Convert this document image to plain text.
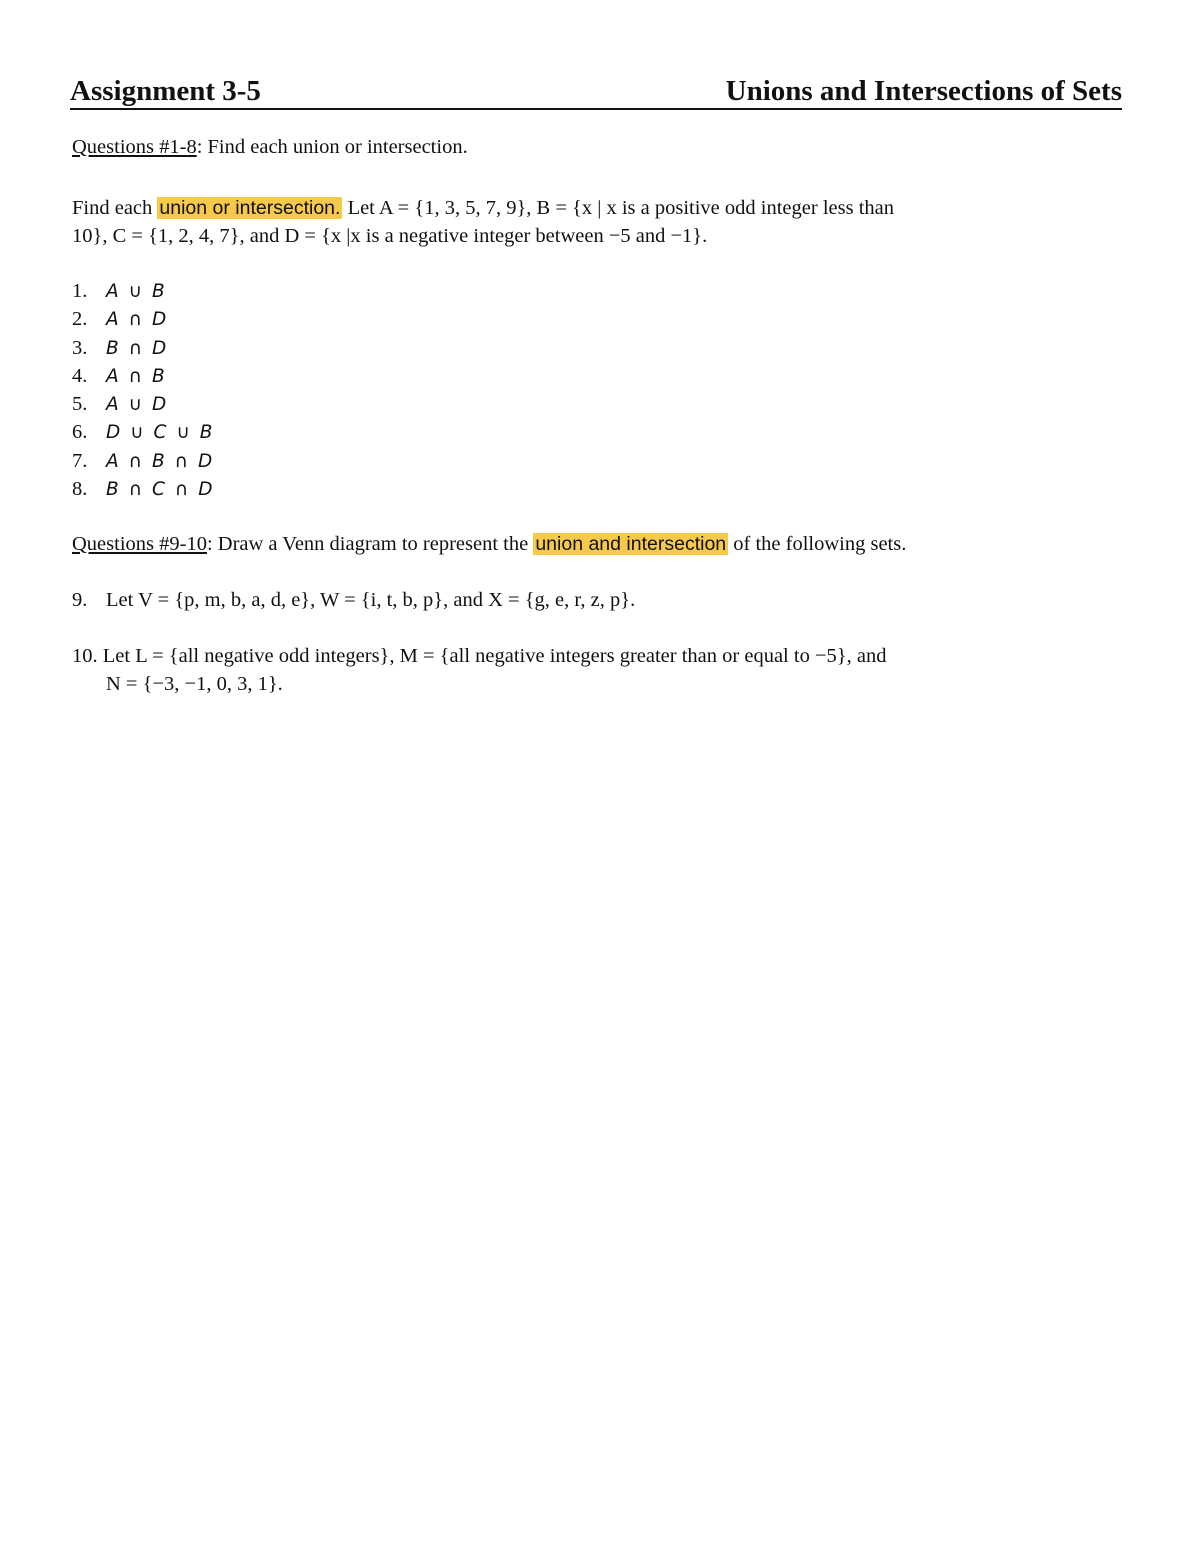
Assignment 3-5	Unions and Intersections of Sets
Questions #1-8: Find each union or intersection.
Find each union or intersection. Let A = {1, 3, 5, 7, 9}, B = {x | x is a positive odd integer less than
10}, C = {1, 2, 4, 7}, and D = {x |x is a negative integer between −5 and −1}.
1. A ∪ B
2. A ∩ D
3. B ∩ D
4. A ∩ B
5. A ∪ D
6. D ∪ C ∪ B
7. A ∩ B ∩ D
8. B ∩ C ∩ D
Questions #9-10: Draw a Venn diagram to represent the union and intersection of the following sets.
9. Let V = {p, m, b, a, d, e}, W = {i, t, b, p}, and X = {g, e, r, z, p}.
10. Let L = {all negative odd integers}, M = {all negative integers greater than or equal to −5}, and
N = {−3, −1, 0, 3, 1}.
